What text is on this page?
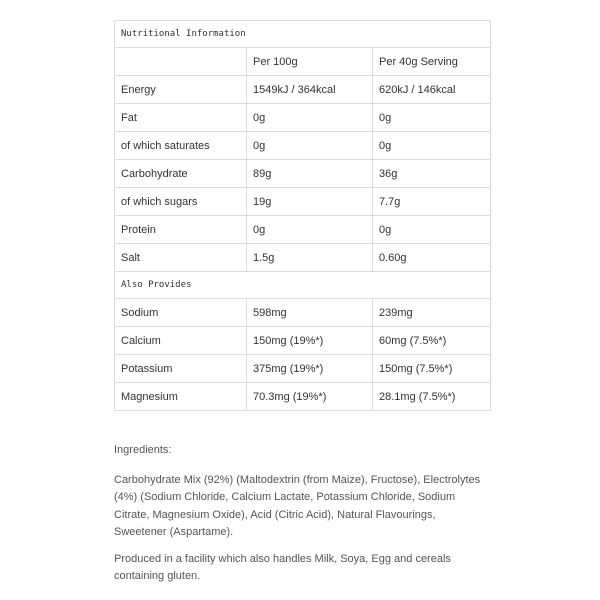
Nutritional Information		
	Per 100g	Per 40g Serving
Energy	1549kJ / 364kcal	620kJ / 146kcal
Fat	0g	0g
of which saturates	0g	0g
Carbohydrate	89g	36g
of which sugars	19g	7.7g
Protein	0g	0g
Salt	1.5g	0.60g
Also Provides		
Sodium	598mg	239mg
Calcium	150mg (19%*)	60mg (7.5%*)
Potassium	375mg (19%*)	150mg (7.5%*)
Magnesium	70.3mg (19%*)	28.1mg (7.5%*)

Ingredients:

Carbohydrate Mix (92%) (Maltodextrin (from Maize), Fructose), Electrolytes (4%) (Sodium Chloride, Calcium Lactate, Potassium Chloride, Sodium Citrate, Magnesium Oxide), Acid (Citric Acid), Natural Flavourings, Sweetener (Aspartame).

Produced in a facility which also handles Milk, Soya, Egg and cereals containing gluten.
